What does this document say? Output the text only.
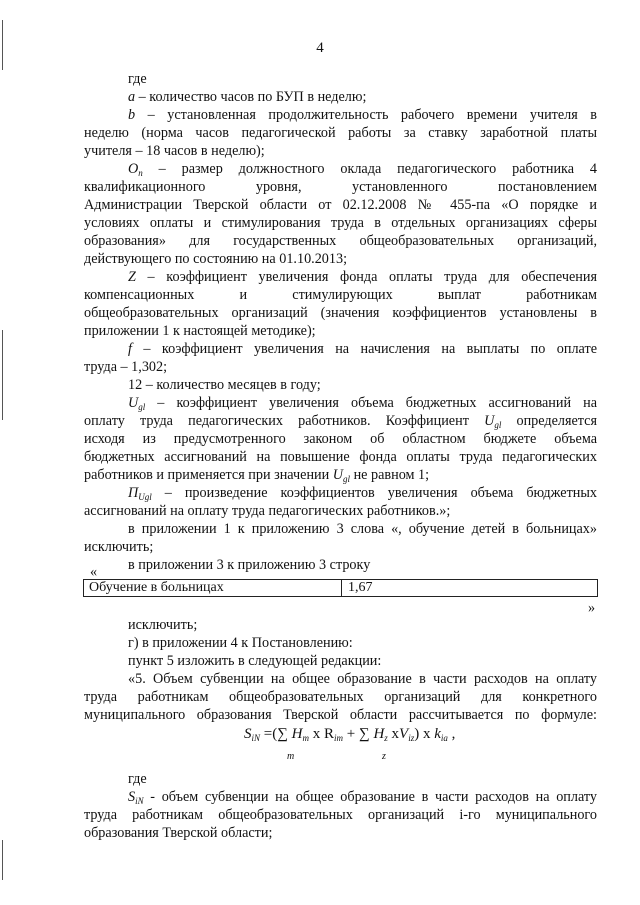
4
где
a – количество часов по БУП в неделю;
b – установленная продолжительность рабочего времени учителя в
неделю (норма часов педагогической работы за ставку заработной платы
учителя – 18 часов в неделю);
$O_n$ – размер должностного оклада педагогического работника 4
квалификационного уровня, установленного постановлением
Администрации Тверской области от 02.12.2008 № 455-па «О порядке и
условиях оплаты и стимулирования труда в отдельных организациях сферы
образования» для государственных общеобразовательных организаций,
действующего по состоянию на 01.10.2013;
Z – коэффициент увеличения фонда оплаты труда для обеспечения
компенсационных и стимулирующих выплат работникам
общеобразовательных организаций (значения коэффициентов установлены в
приложении 1 к настоящей методике);
f – коэффициент увеличения на начисления на выплаты по оплате
труда – 1,302;
12 – количество месяцев в году;
$U_{gl}$ – коэффициент увеличения объема бюджетных ассигнований на
оплату труда педагогических работников. Коэффициент $U_{gl}$ определяется
исходя из предусмотренного законом об областном бюджете объема
бюджетных ассигнований на повышение фонда оплаты труда педагогических
работников и применяется при значении $U_{gl}$ не равном 1;
$П_{Ugl}$ – произведение коэффициентов увеличения объема бюджетных
ассигнований на оплату труда педагогических работников.»;
в приложении 1 к приложению 3 слова «, обучение детей в больницах»
исключить;
в приложении 3 к приложению 3 строку
«
Обучение в больницах	1,67
»
исключить;
г) в приложении 4 к Постановлению:
пункт 5 изложить в следующей редакции:
«5. Объем субвенции на общее образование в части расходов на оплату
труда работникам общеобразовательных организаций для конкретного
муниципального образования Тверской области рассчитывается по формуле:
$S_{iN}$ =(∑ $H_m$ x $R_{im}$ + ∑ $H_z$ $xV_{iz}$) x $k_{ia}$ ,
m	z
где
$S_{iN}$ - объем субвенции на общее образование в части расходов на оплату
труда работникам общеобразовательных организаций i-го муниципального
образования Тверской области;
